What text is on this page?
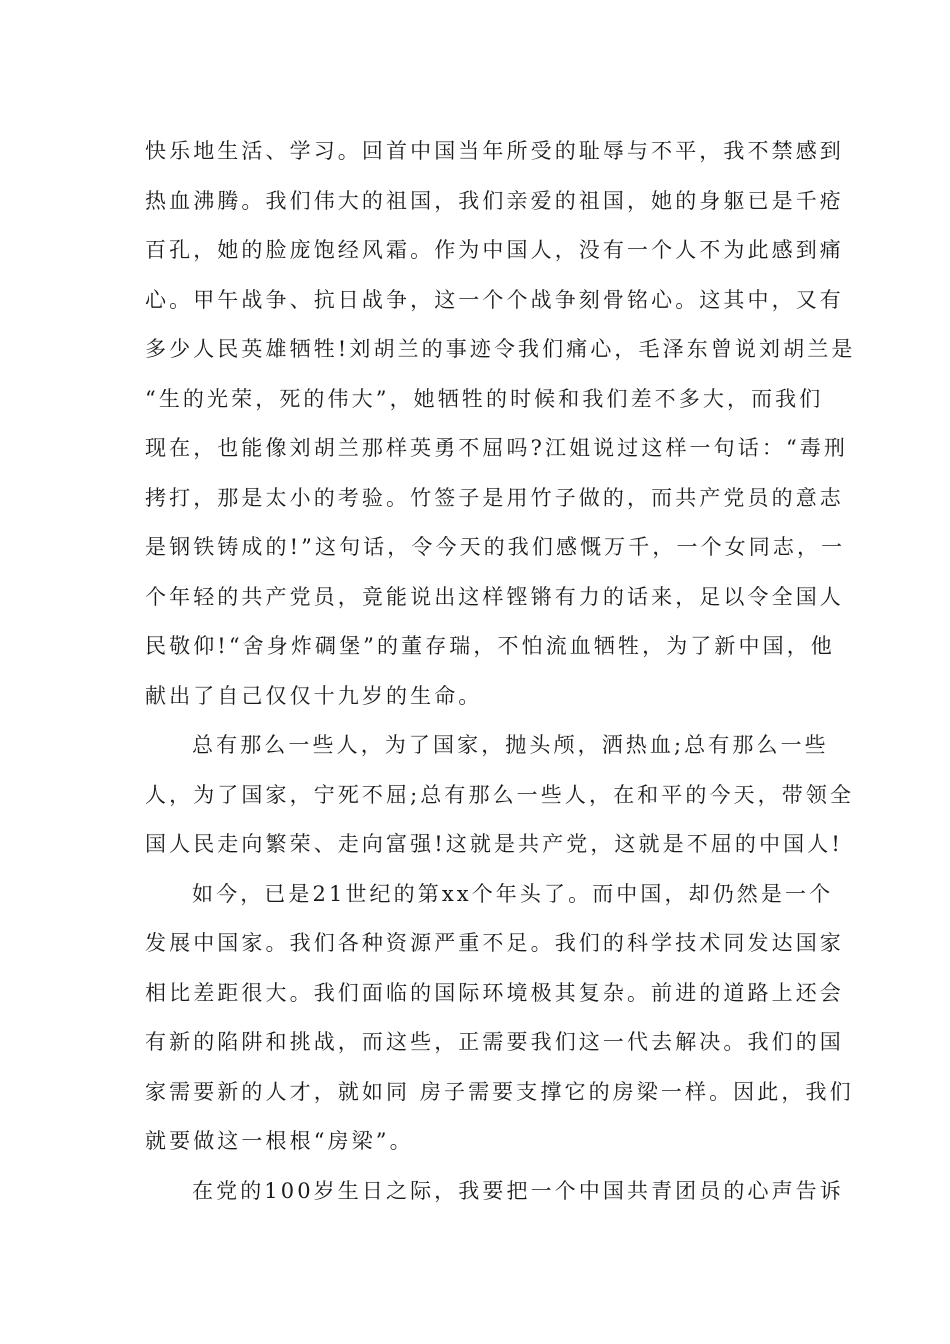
快乐地生活、学习。回首中国当年所受的耻辱与不平，我不禁感到
热血沸腾。我们伟大的祖国，我们亲爱的祖国，她的身躯已是千疮
百孔，她的脸庞饱经风霜。作为中国人，没有一个人不为此感到痛
心。甲午战争、抗日战争，这一个个战争刻骨铭心。这其中，又有
多少人民英雄牺牲!刘胡兰的事迹令我们痛心，毛泽东曾说刘胡兰是
“生的光荣，死的伟大”，她牺牲的时候和我们差不多大，而我们
现在，也能像刘胡兰那样英勇不屈吗?江姐说过这样一句话：“毒刑
拷打，那是太小的考验。竹签子是用竹子做的，而共产党员的意志
是钢铁铸成的!”这句话，令今天的我们感慨万千，一个女同志，一
个年轻的共产党员，竟能说出这样铿锵有力的话来，足以令全国人
民敬仰!“舍身炸碉堡”的董存瑞，不怕流血牺牲，为了新中国，他
献出了自己仅仅十九岁的生命。
总有那么一些人，为了国家，抛头颅，洒热血;总有那么一些
人，为了国家，宁死不屈;总有那么一些人，在和平的今天，带领全
国人民走向繁荣、走向富强!这就是共产党，这就是不屈的中国人!
如今，已是21世纪的第xx个年头了。而中国，却仍然是一个
发展中国家。我们各种资源严重不足。我们的科学技术同发达国家
相比差距很大。我们面临的国际环境极其复杂。前进的道路上还会
有新的陷阱和挑战，而这些，正需要我们这一代去解决。我们的国
家需要新的人才，就如同 房子需要支撑它的房梁一样。因此，我们
就要做这一根根“房梁”。
在党的100岁生日之际，我要把一个中国共青团员的心声告诉
